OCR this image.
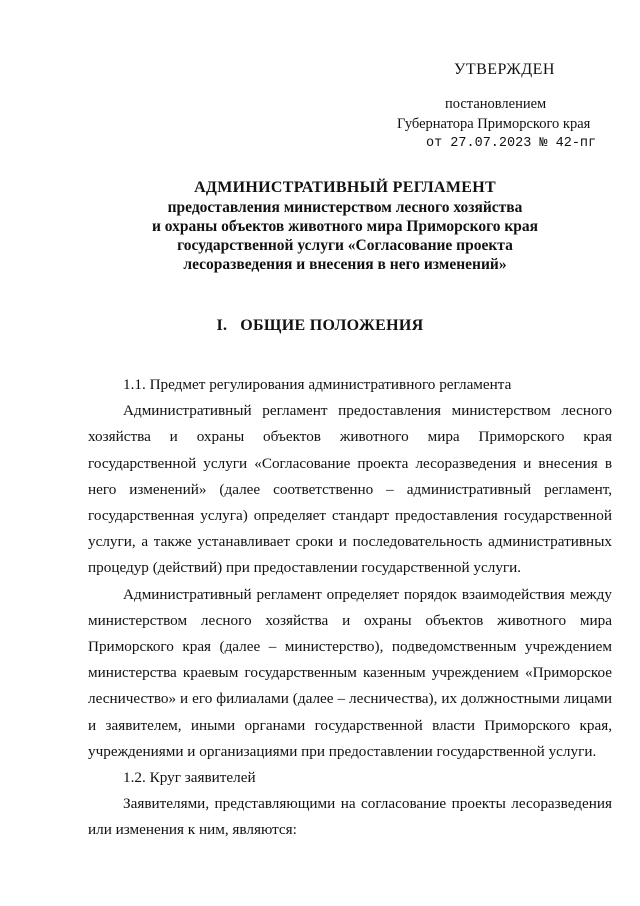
УТВЕРЖДЕН
постановлением
Губернатора Приморского края
от 27.07.2023 № 42-пг
АДМИНИСТРАТИВНЫЙ РЕГЛАМЕНТ
предоставления министерством лесного хозяйства
и охраны объектов животного мира Приморского края
государственной услуги «Согласование проекта
лесоразведения и внесения в него изменений»
I.   ОБЩИЕ ПОЛОЖЕНИЯ

1.1. Предмет регулирования административного регламента

Административный регламент предоставления министерством лесного хозяйства и охраны объектов животного мира Приморского края государственной услуги «Согласование проекта лесоразведения и внесения в него изменений» (далее соответственно – административный регламент, государственная услуга) определяет стандарт предоставления государственной услуги, а также устанавливает сроки и последовательность административных процедур (действий) при предоставлении государственной услуги.

Административный регламент определяет порядок взаимодействия между министерством лесного хозяйства и охраны объектов животного мира Приморского края (далее – министерство), подведомственным учреждением министерства краевым государственным казенным учреждением «Приморское лесничество» и его филиалами (далее – лесничества), их должностными лицами и заявителем, иными органами государственной власти Приморского края, учреждениями и организациями при предоставлении государственной услуги.

1.2. Круг заявителей

Заявителями, представляющими на согласование проекты лесоразведения или изменения к ним, являются:
